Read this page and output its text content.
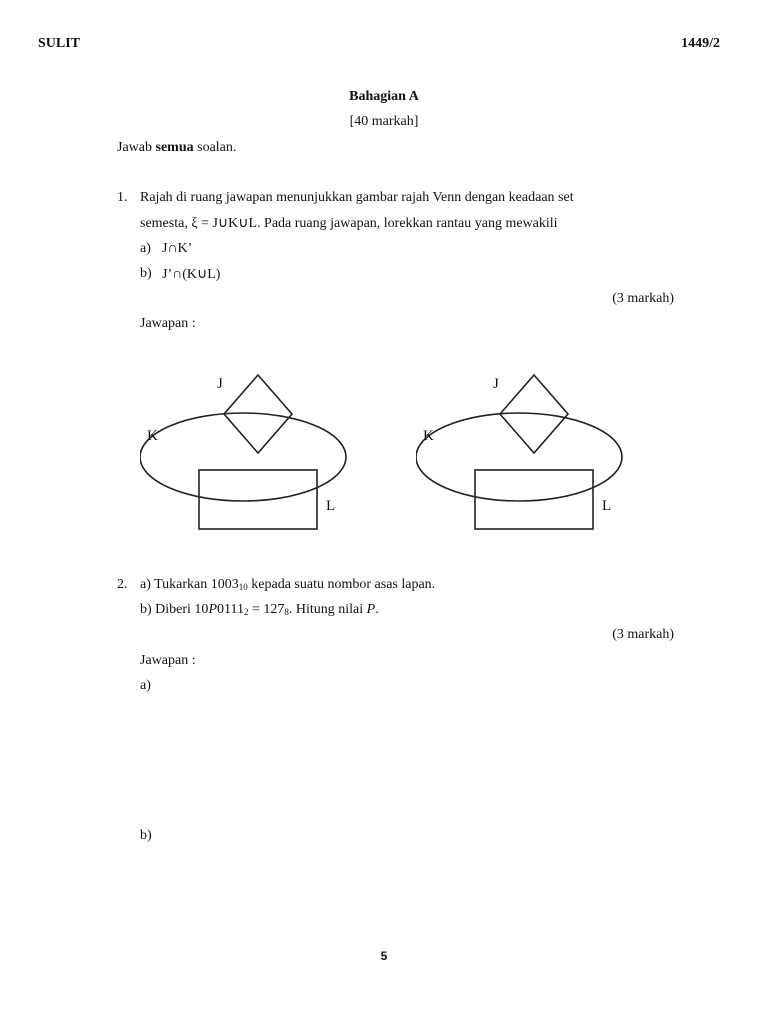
SULIT	1449/2
Bahagian A
[40 markah]
Jawab semua soalan.
1. Rajah di ruang jawapan menunjukkan gambar rajah Venn dengan keadaan set
semesta, ξ = J∪K∪L. Pada ruang jawapan, lorekkan rantau yang mewakili
a) J∩K’
b) J’∩(K∪L)
(3 markah)
Jawapan :
J
K
L
J
K
L
2. a) Tukarkan $1003_{10}$ kepada suatu nombor asas lapan.
b) Diberi $10P0111_2 = 127_8$. Hitung nilai P.
(3 markah)
Jawapan :
a)
b)
5
